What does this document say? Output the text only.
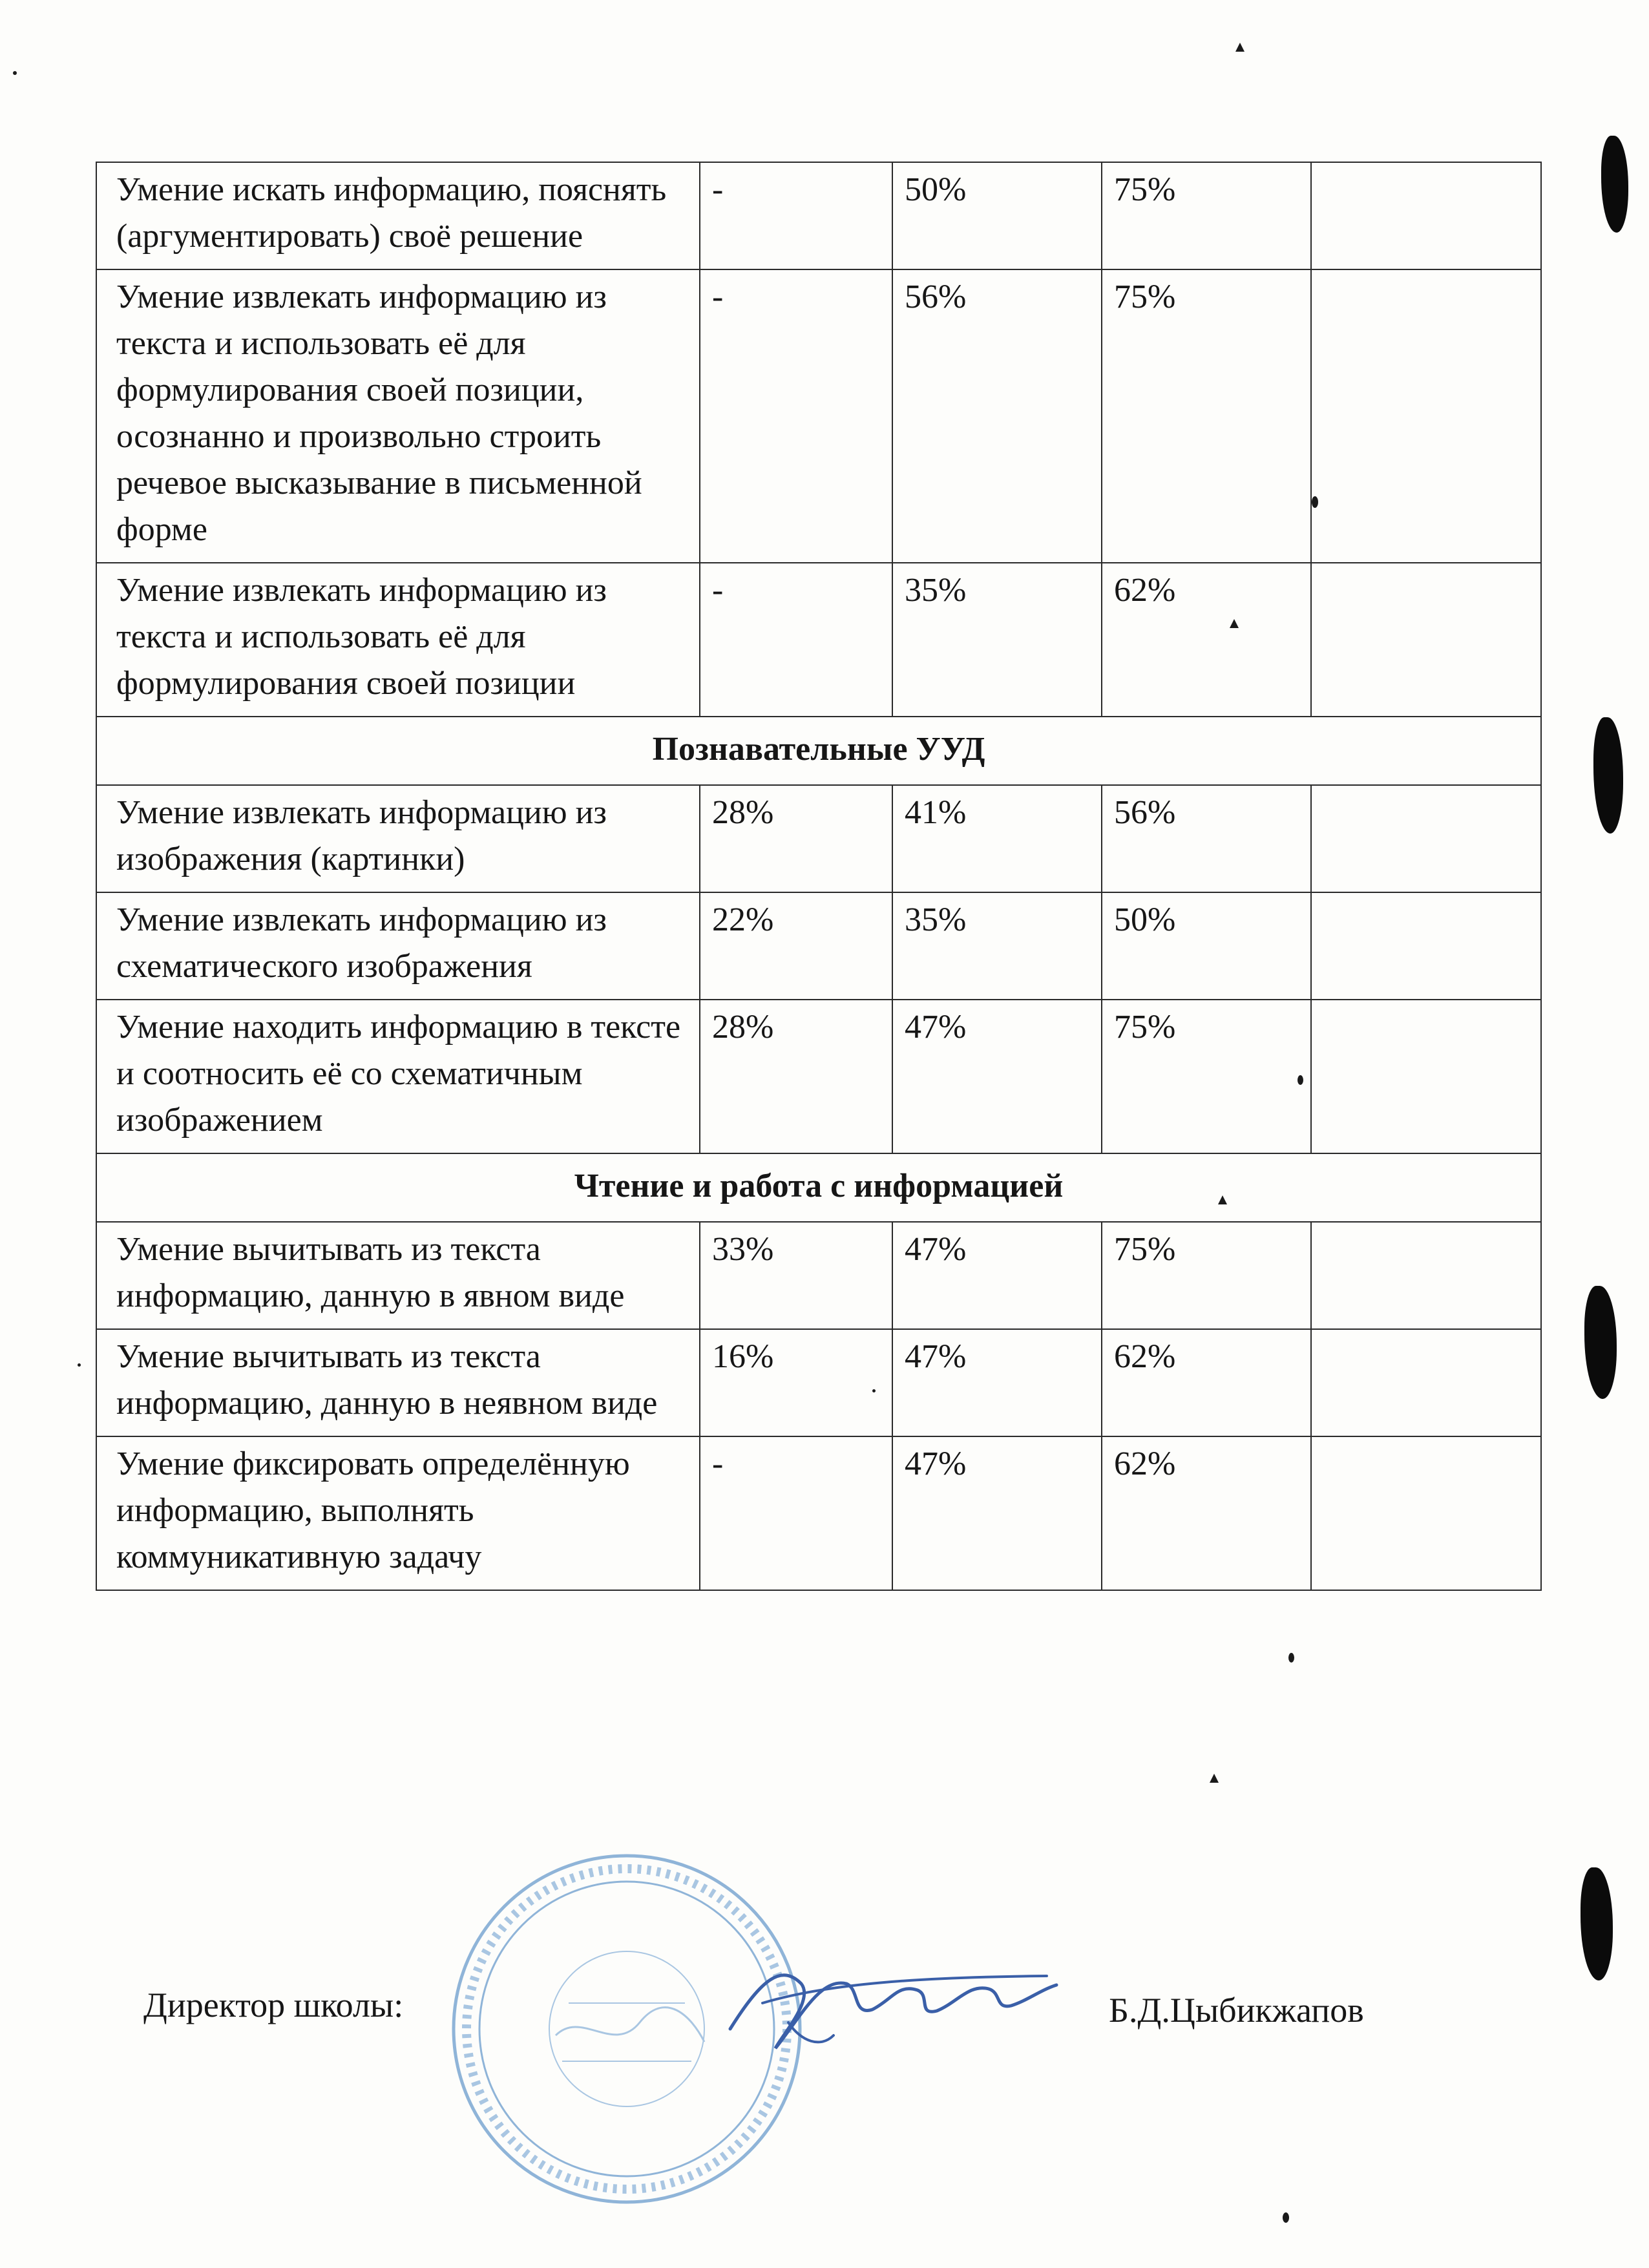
Умение искать информацию, пояснять (аргументировать) своё решение	-	50%	75%	
Умение извлекать информацию из текста и использовать её для формулирования своей позиции, осознанно и произвольно строить речевое высказывание в письменной форме	-	56%	75%	
Умение извлекать информацию из текста и использовать её для формулирования своей позиции	-	35%	62%	
Познавательные УУД				
Умение извлекать информацию из изображения (картинки)	28%	41%	56%	
Умение извлекать информацию из схематического изображения	22%	35%	50%	
Умение находить информацию в тексте и соотносить её со схематичным изображением	28%	47%	75%	
Чтение и работа с информацией				
Умение вычитывать из текста информацию, данную в явном виде	33%	47%	75%	
Умение вычитывать из текста информацию, данную в неявном виде	16%	47%	62%	
Умение фиксировать определённую информацию, выполнять коммуникативную задачу	-	47%	62%	
Директор школы:	Б.Д.Цыбикжапов
